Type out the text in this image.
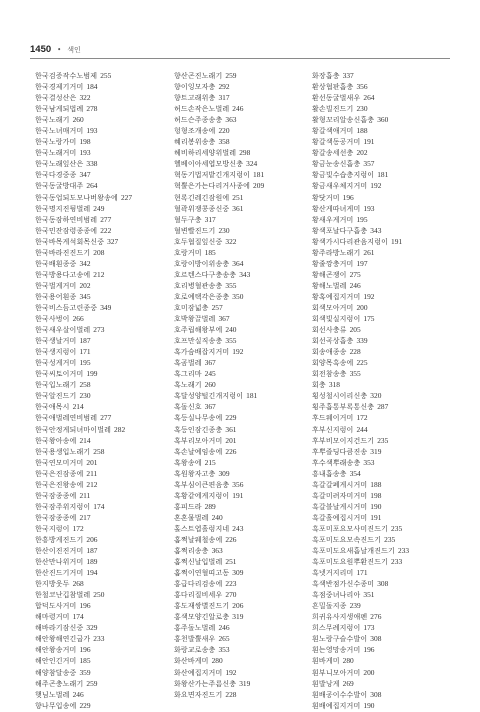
1450 • 색인
한국검증작수노범제 255
한국경제기거미 184
한국결성산은 322
한국남게되법례 278
한국노래기 260
한국노녀매거미 193
한국노랑가미 198
한국노래거미 193
한국노래잎산은 338
한국다경중종 347
한국동굴방대주 264
한국동업되도모나버왕송에 227
한국명지진뒹벌레 249
한국동잠하연비범레 277
한국민잔잠령종종에 222
한국바목게석회목신중 327
한국바라진진드기 208
한국배흰종중 342
한국방용다고송에 212
한국벌게거미 202
한국용어흰종 345
한국비스듬고린종중 349
한국사벙이 266
한국새우살이벌레 273
한국생날거미 187
한국생지렁이 171
한국성게거미 195
한국씨토이거미 199
한국입노래기 258
한국알진드기 230
한국애목시 214
한국애벌레연비범레 277
한국안정게되녀마이벌레 282
한국왕아송에 214
한국용생입노래기 258
한국연모미거미 201
한국은진잠종에 211
한국은진왕송에 212
한국잠종종에 211
한국잠주위지렁이 174
한국잠종종에 217
한국지렁이 172
한흥방게진드기 206
한산이진진거미 187
한산만나위거미 189
한산진드기거미 194
한지방웃두 268
한철코난깁참벌레 250
합덕도사거미 196
해마령거미 174
해바라기잠신중 329
해안왕해연긴굽가 233
해안왕송거미 196
해안인긴거미 185
해양참달송중 359
해주곤충노래기 259
햇님노벌레 246
향나무입송에 229
향산곤진노래기 259
향이잉모자충 292
향트고래위충 317
허드손작은노벌레 246
허드슨주종송충 363
헝형조개송에 220
혜리봉위송충 358
헤비하리세양위벌레 298
헬베이아세엽모방신충 324
혁동기법저밭긴개지렁이 181
혁뿔은가는다리거사종에 209
현록긴레긴잠원에 251
혈곽위쟁콩종신중 361
혈두구충 317
혈변빨진드기 230
호두협질잎신중 322
호랑거미 185
호랑이방이위송충 364
호르텐스다구충송충 343
호리병혈관송충 355
호로예택각은종충 350
호미잠넓충 257
호박왕끌벌레 367
호주립해왕부에 240
호프만실직송충 355
혹가슴배잡지거미 192
혹곰벌레 367
혹그리마 245
혹노래기 260
혹달성양털긴개지렁이 181
혹돌신호 367
혹등실나무송에 229
혹등인잠긴종충 361
혹부리모아거미 201
혹손날예임송에 226
혹왕송에 215
혹원왕자고충 309
혹부심이큰편음충 356
혹황같에게지렁이 191
홍피드라 289
혼혼물벌레 240
홀스트엽흘렁지네 243
홈쩍날웨철송에 226
홈쩍리송충 363
홈쩍신날입벌레 251
홈쩍이연혈띠고동 309
홍급다리검송에 223
홍다리질비세우 270
홍도재쌍별진드기 206
홍색모양긴알로충 319
홍주돌노벌레 246
홍천발뿔새우 265
화랑교로송충 353
화산바게미 280
화산예집지거미 192
화왕산가는주름신충 319
화요면자진드기 228
화장흡충 337
환상협판흡충 356
환선동굴벌새우 264
활손빌진드기 230
활형꼬리알송신흡충 360
황갈색애거미 188
황갈색동공거미 191
황갈송세선충 202
황금눈송신흡충 357
황금빛수습층지렁이 181
황금새우체지거미 192
황닷거미 196
황산게따녀게미 193
황새우게거미 195
황색포날다구흡충 343
황색가시다리관음지렁이 191
황주라방노래기 261
황줄깡충거미 197
황해곤쟁이 275
황해노벌레 246
황혹예집지거미 192
회색모아거미 200
회색빛실지렁이 175
회선사충류 205
회선곡상흡충 339
회송애종송 228
회양목흑송에 225
회전참송충 355
회충 318
횡성철시이리신충 320
횡주흡통부록통신충 287
후드웨이거미 172
후부신지렁이 244
후부비모이지건드기 235
후뿌즐딩다큼진송 319
후수색뿌래송충 353
흥내흡송충 354
흑갈갈폐게시거미 188
흑갈미려자미거미 198
흑갈블날게시거미 190
흑갈흘예집시거미 191
흑포미포요모사미진드기 235
흑포미도요모속진드기 235
흑포미도요새흡날개진드기 233
흑포미도요원뿌환진드기 233
흑넷거지리미 171
흑색반점가신수종미 308
흑점중녀나리아 351
흔밀돌지종 239
희귀유사지생애펜 276
희스무례지렁이 173
흰노랑구슬수발이 308
흰는영망송거미 196
흰바게미 280
흰부니모아거미 200
흰발낭게 269
흰배공이수수발이 308
흰배예집지거미 190
